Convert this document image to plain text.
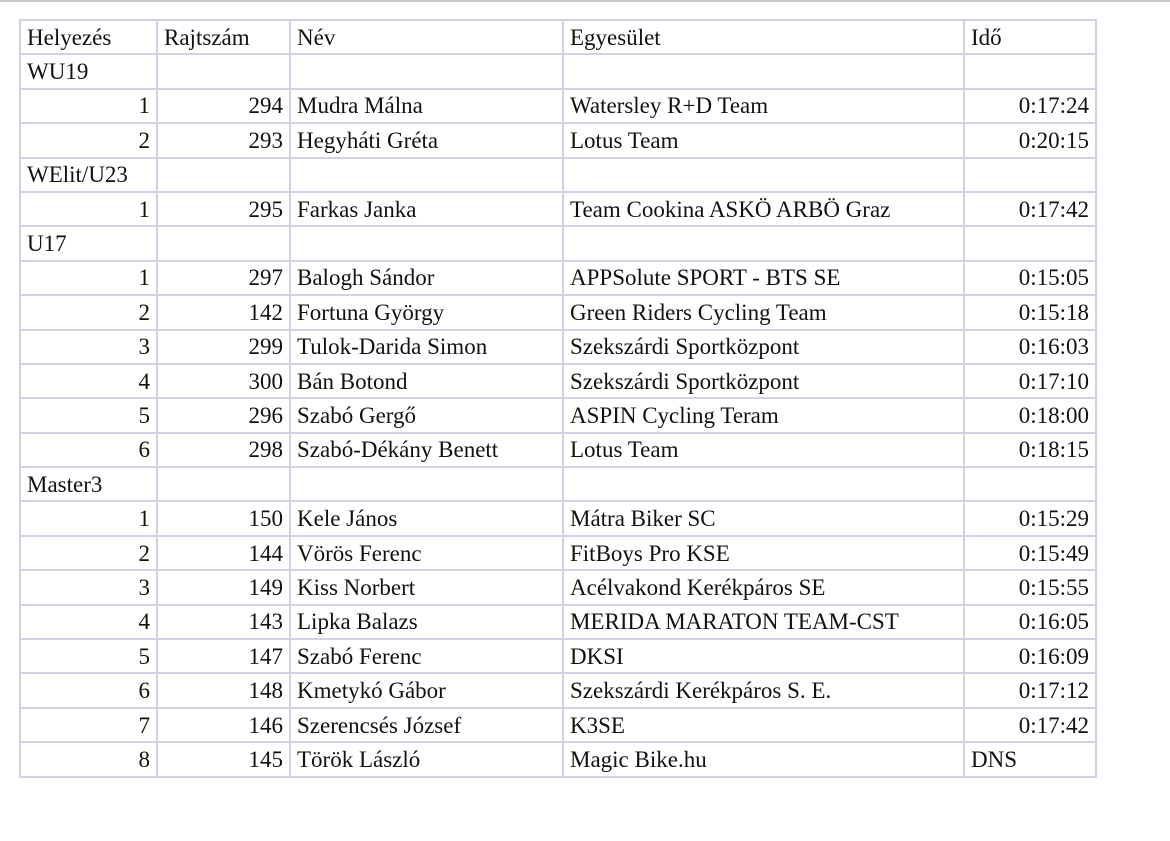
Helyezés	Rajtszám	Név	Egyesület	Idő
WU19				
1	294	Mudra Málna	Watersley R+D Team	0:17:24
2	293	Hegyháti Gréta	Lotus Team	0:20:15
WElit/U23				
1	295	Farkas Janka	Team Cookina ASKÖ ARBÖ Graz	0:17:42
U17				
1	297	Balogh Sándor	APPSolute SPORT - BTS SE	0:15:05
2	142	Fortuna György	Green Riders Cycling Team	0:15:18
3	299	Tulok-Darida Simon	Szekszárdi Sportközpont	0:16:03
4	300	Bán Botond	Szekszárdi Sportközpont	0:17:10
5	296	Szabó Gergő	ASPIN Cycling Teram	0:18:00
6	298	Szabó-Dékány Benett	Lotus Team	0:18:15
Master3				
1	150	Kele János	Mátra Biker SC	0:15:29
2	144	Vörös Ferenc	FitBoys Pro KSE	0:15:49
3	149	Kiss Norbert	Acélvakond Kerékpáros SE	0:15:55
4	143	Lipka Balazs	MERIDA MARATON TEAM-CST	0:16:05
5	147	Szabó Ferenc	DKSI	0:16:09
6	148	Kmetykó Gábor	Szekszárdi Kerékpáros S. E.	0:17:12
7	146	Szerencsés József	K3SE	0:17:42
8	145	Török László	Magic Bike.hu	DNS
